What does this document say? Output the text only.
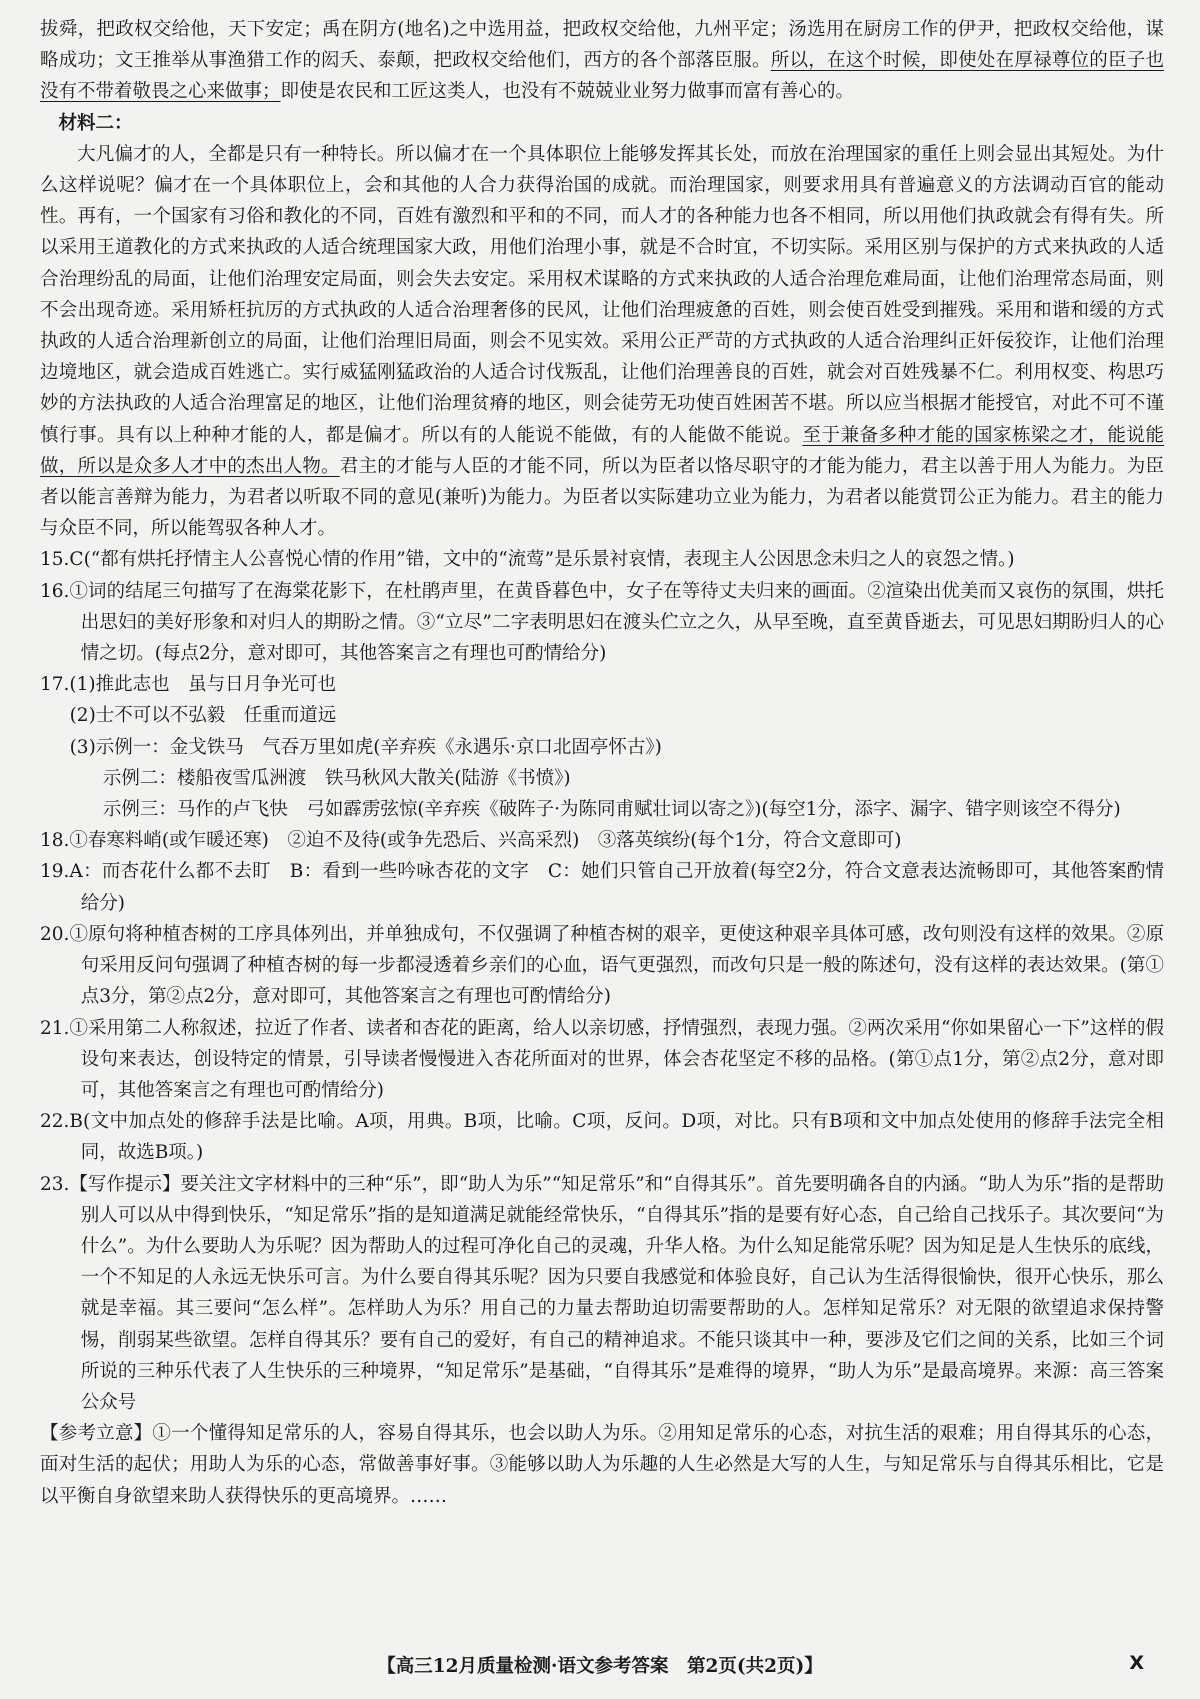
拔舜，把政权交给他，天下安定；禹在阴方(地名)之中选用益，把政权交给他，九州平定；汤选用在厨房工作的伊尹，把政权交给他，谋略成功；文王推举从事渔猎工作的闳夭、泰颠，把政权交给他们，西方的各个部落臣服。所以，在这个时候，即使处在厚禄尊位的臣子也没有不带着敬畏之心来做事；即使是农民和工匠这类人，也没有不兢兢业业努力做事而富有善心的。

材料二：

大凡偏才的人，全都是只有一种特长。所以偏才在一个具体职位上能够发挥其长处，而放在治理国家的重任上则会显出其短处。为什么这样说呢？偏才在一个具体职位上，会和其他的人合力获得治国的成就。而治理国家，则要求用具有普遍意义的方法调动百官的能动性。再有，一个国家有习俗和教化的不同，百姓有激烈和平和的不同，而人才的各种能力也各不相同，所以用他们执政就会有得有失。所以采用王道教化的方式来执政的人适合统理国家大政，用他们治理小事，就是不合时宜，不切实际。采用区别与保护的方式来执政的人适合治理纷乱的局面，让他们治理安定局面，则会失去安定。采用权术谋略的方式来执政的人适合治理危难局面，让他们治理常态局面，则不会出现奇迹。采用矫枉抗厉的方式执政的人适合治理奢侈的民风，让他们治理疲惫的百姓，则会使百姓受到摧残。采用和谐和缓的方式执政的人适合治理新创立的局面，让他们治理旧局面，则会不见实效。采用公正严苛的方式执政的人适合治理纠正奸佞狡诈，让他们治理边境地区，就会造成百姓逃亡。实行威猛刚猛政治的人适合讨伐叛乱，让他们治理善良的百姓，就会对百姓残暴不仁。利用权变、构思巧妙的方法执政的人适合治理富足的地区，让他们治理贫瘠的地区，则会徒劳无功使百姓困苦不堪。所以应当根据才能授官，对此不可不谨慎行事。具有以上种种才能的人，都是偏才。所以有的人能说不能做，有的人能做不能说。至于兼备多种才能的国家栋梁之才，能说能做，所以是众多人才中的杰出人物。君主的才能与人臣的才能不同，所以为臣者以恪尽职守的才能为能力，君主以善于用人为能力。为臣者以能言善辩为能力，为君者以听取不同的意见(兼听)为能力。为臣者以实际建功立业为能力，为君者以能赏罚公正为能力。君主的能力与众臣不同，所以能驾驭各种人才。

15.C(“都有烘托抒情主人公喜悦心情的作用”错，文中的“流莺”是乐景衬哀情，表现主人公因思念未归之人的哀怨之情。)

16.①词的结尾三句描写了在海棠花影下，在杜鹃声里，在黄昏暮色中，女子在等待丈夫归来的画面。②渲染出优美而又哀伤的氛围，烘托出思妇的美好形象和对归人的期盼之情。③“立尽”二字表明思妇在渡头伫立之久，从早至晚，直至黄昏逝去，可见思妇期盼归人的心情之切。(每点2分，意对即可，其他答案言之有理也可酌情给分)

17.(1)推此志也　虽与日月争光可也

(2)士不可以不弘毅　任重而道远

(3)示例一：金戈铁马　气吞万里如虎(辛弃疾《永遇乐·京口北固亭怀古》)

示例二：楼船夜雪瓜洲渡　铁马秋风大散关(陆游《书愤》)

示例三：马作的卢飞快　弓如霹雳弦惊(辛弃疾《破阵子·为陈同甫赋壮词以寄之》)(每空1分，添字、漏字、错字则该空不得分)

18.①春寒料峭(或乍暖还寒)　②迫不及待(或争先恐后、兴高采烈)　③落英缤纷(每个1分，符合文意即可)

19.A：而杏花什么都不去盯　B：看到一些吟咏杏花的文字　C：她们只管自己开放着(每空2分，符合文意表达流畅即可，其他答案酌情给分)

20.①原句将种植杏树的工序具体列出，并单独成句，不仅强调了种植杏树的艰辛，更使这种艰辛具体可感，改句则没有这样的效果。②原句采用反问句强调了种植杏树的每一步都浸透着乡亲们的心血，语气更强烈，而改句只是一般的陈述句，没有这样的表达效果。(第①点3分，第②点2分，意对即可，其他答案言之有理也可酌情给分)

21.①采用第二人称叙述，拉近了作者、读者和杏花的距离，给人以亲切感，抒情强烈，表现力强。②两次采用“你如果留心一下”这样的假设句来表达，创设特定的情景，引导读者慢慢进入杏花所面对的世界，体会杏花坚定不移的品格。(第①点1分，第②点2分，意对即可，其他答案言之有理也可酌情给分)

22.B(文中加点处的修辞手法是比喻。A项，用典。B项，比喻。C项，反问。D项，对比。只有B项和文中加点处使用的修辞手法完全相同，故选B项。)

23.【写作提示】要关注文字材料中的三种“乐”，即“助人为乐”“知足常乐”和“自得其乐”。首先要明确各自的内涵。“助人为乐”指的是帮助别人可以从中得到快乐，“知足常乐”指的是知道满足就能经常快乐，“自得其乐”指的是要有好心态，自己给自己找乐子。其次要问“为什么”。为什么要助人为乐呢？因为帮助人的过程可净化自己的灵魂，升华人格。为什么知足能常乐呢？因为知足是人生快乐的底线，一个不知足的人永远无快乐可言。为什么要自得其乐呢？因为只要自我感觉和体验良好，自己认为生活得很愉快，很开心快乐，那么就是幸福。其三要问“怎么样”。怎样助人为乐？用自己的力量去帮助迫切需要帮助的人。怎样知足常乐？对无限的欲望追求保持警惕，削弱某些欲望。怎样自得其乐？要有自己的爱好，有自己的精神追求。不能只谈其中一种，要涉及它们之间的关系，比如三个词所说的三种乐代表了人生快乐的三种境界，“知足常乐”是基础，“自得其乐”是难得的境界，“助人为乐”是最高境界。来源：高三答案公众号

【参考立意】①一个懂得知足常乐的人，容易自得其乐，也会以助人为乐。②用知足常乐的心态，对抗生活的艰难；用自得其乐的心态，面对生活的起伏；用助人为乐的心态，常做善事好事。③能够以助人为乐趣的人生必然是大写的人生，与知足常乐与自得其乐相比，它是以平衡自身欲望来助人获得快乐的更高境界。……

【高三12月质量检测·语文参考答案　第2页(共2页)】	X
